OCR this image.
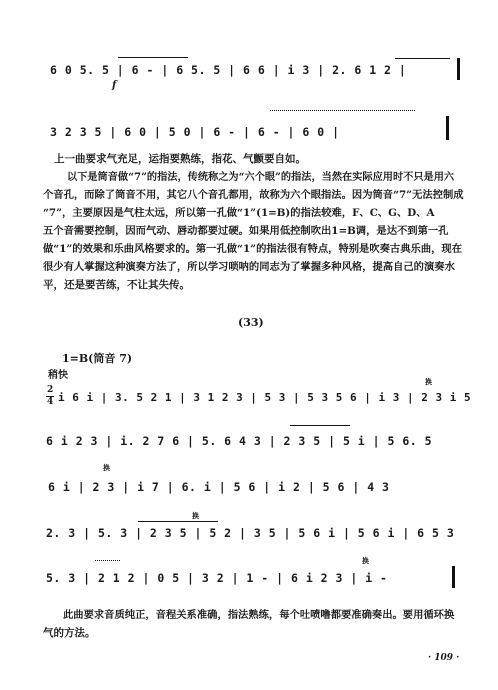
6 0 5. 5 | 6 - | 6 5. 5 | 6 6 | i 3 | 2. 6 1 2 |
f
3 2 3 5 | 6 0 | 5 0 | 6 - | 6 - | 6 0 |
上一曲要求气充足，运指要熟练，指花、气颤要自如。
以下是筒音做“7”的指法，传统称之为“六个眼”的指法，当然在实际应用时不只是用六
个音孔，而除了筒音不用，其它八个音孔都用，故称为六个眼指法。因为筒音“7”无法控制成
“7”，主要原因是气柱太远，所以第一孔做“1”(1=B)的指法较难，F、C、G、D、A
五个音需要控制，因而气动、唇动都要过硬。如果用低控制吹出1=B调，是达不到第一孔
做“1”的效果和乐曲风格要求的。第一孔做“1”的指法很有特点，特别是吹奏古典乐曲，现在
很少有人掌握这种演奏方法了，所以学习唢呐的同志为了掌握多种风格，提高自己的演奏水
平，还是要苦练，不让其失传。
(33)
1=B(筒音 7)
稍快
2
4 i 6 i | 3. 5 2 1 | 3 1 2 3 | 5 3 | 5 3 5 6 | i 3 | 2 3 i 5
换
6 i 2 3 | i. 2 7 6 | 5. 6 4 3 | 2 3 5 | 5 i | 5 6. 5
6 i | 2 3 | i 7 | 6. i | 5 6 | i 2 | 5 6 | 4 3
换
2. 3 | 5. 3 | 2 3 5 | 5 2 | 3 5 | 5 6 i | 5 6 i | 6 5 3
换
5. 3 | 2 1 2 | 0 5 | 3 2 | 1 - | 6 i 2 3 | i -
换
此曲要求音质纯正，音程关系准确，指法熟练，每个吐喷噜都要准确奏出。要用循环换
气的方法。
· 109 ·
